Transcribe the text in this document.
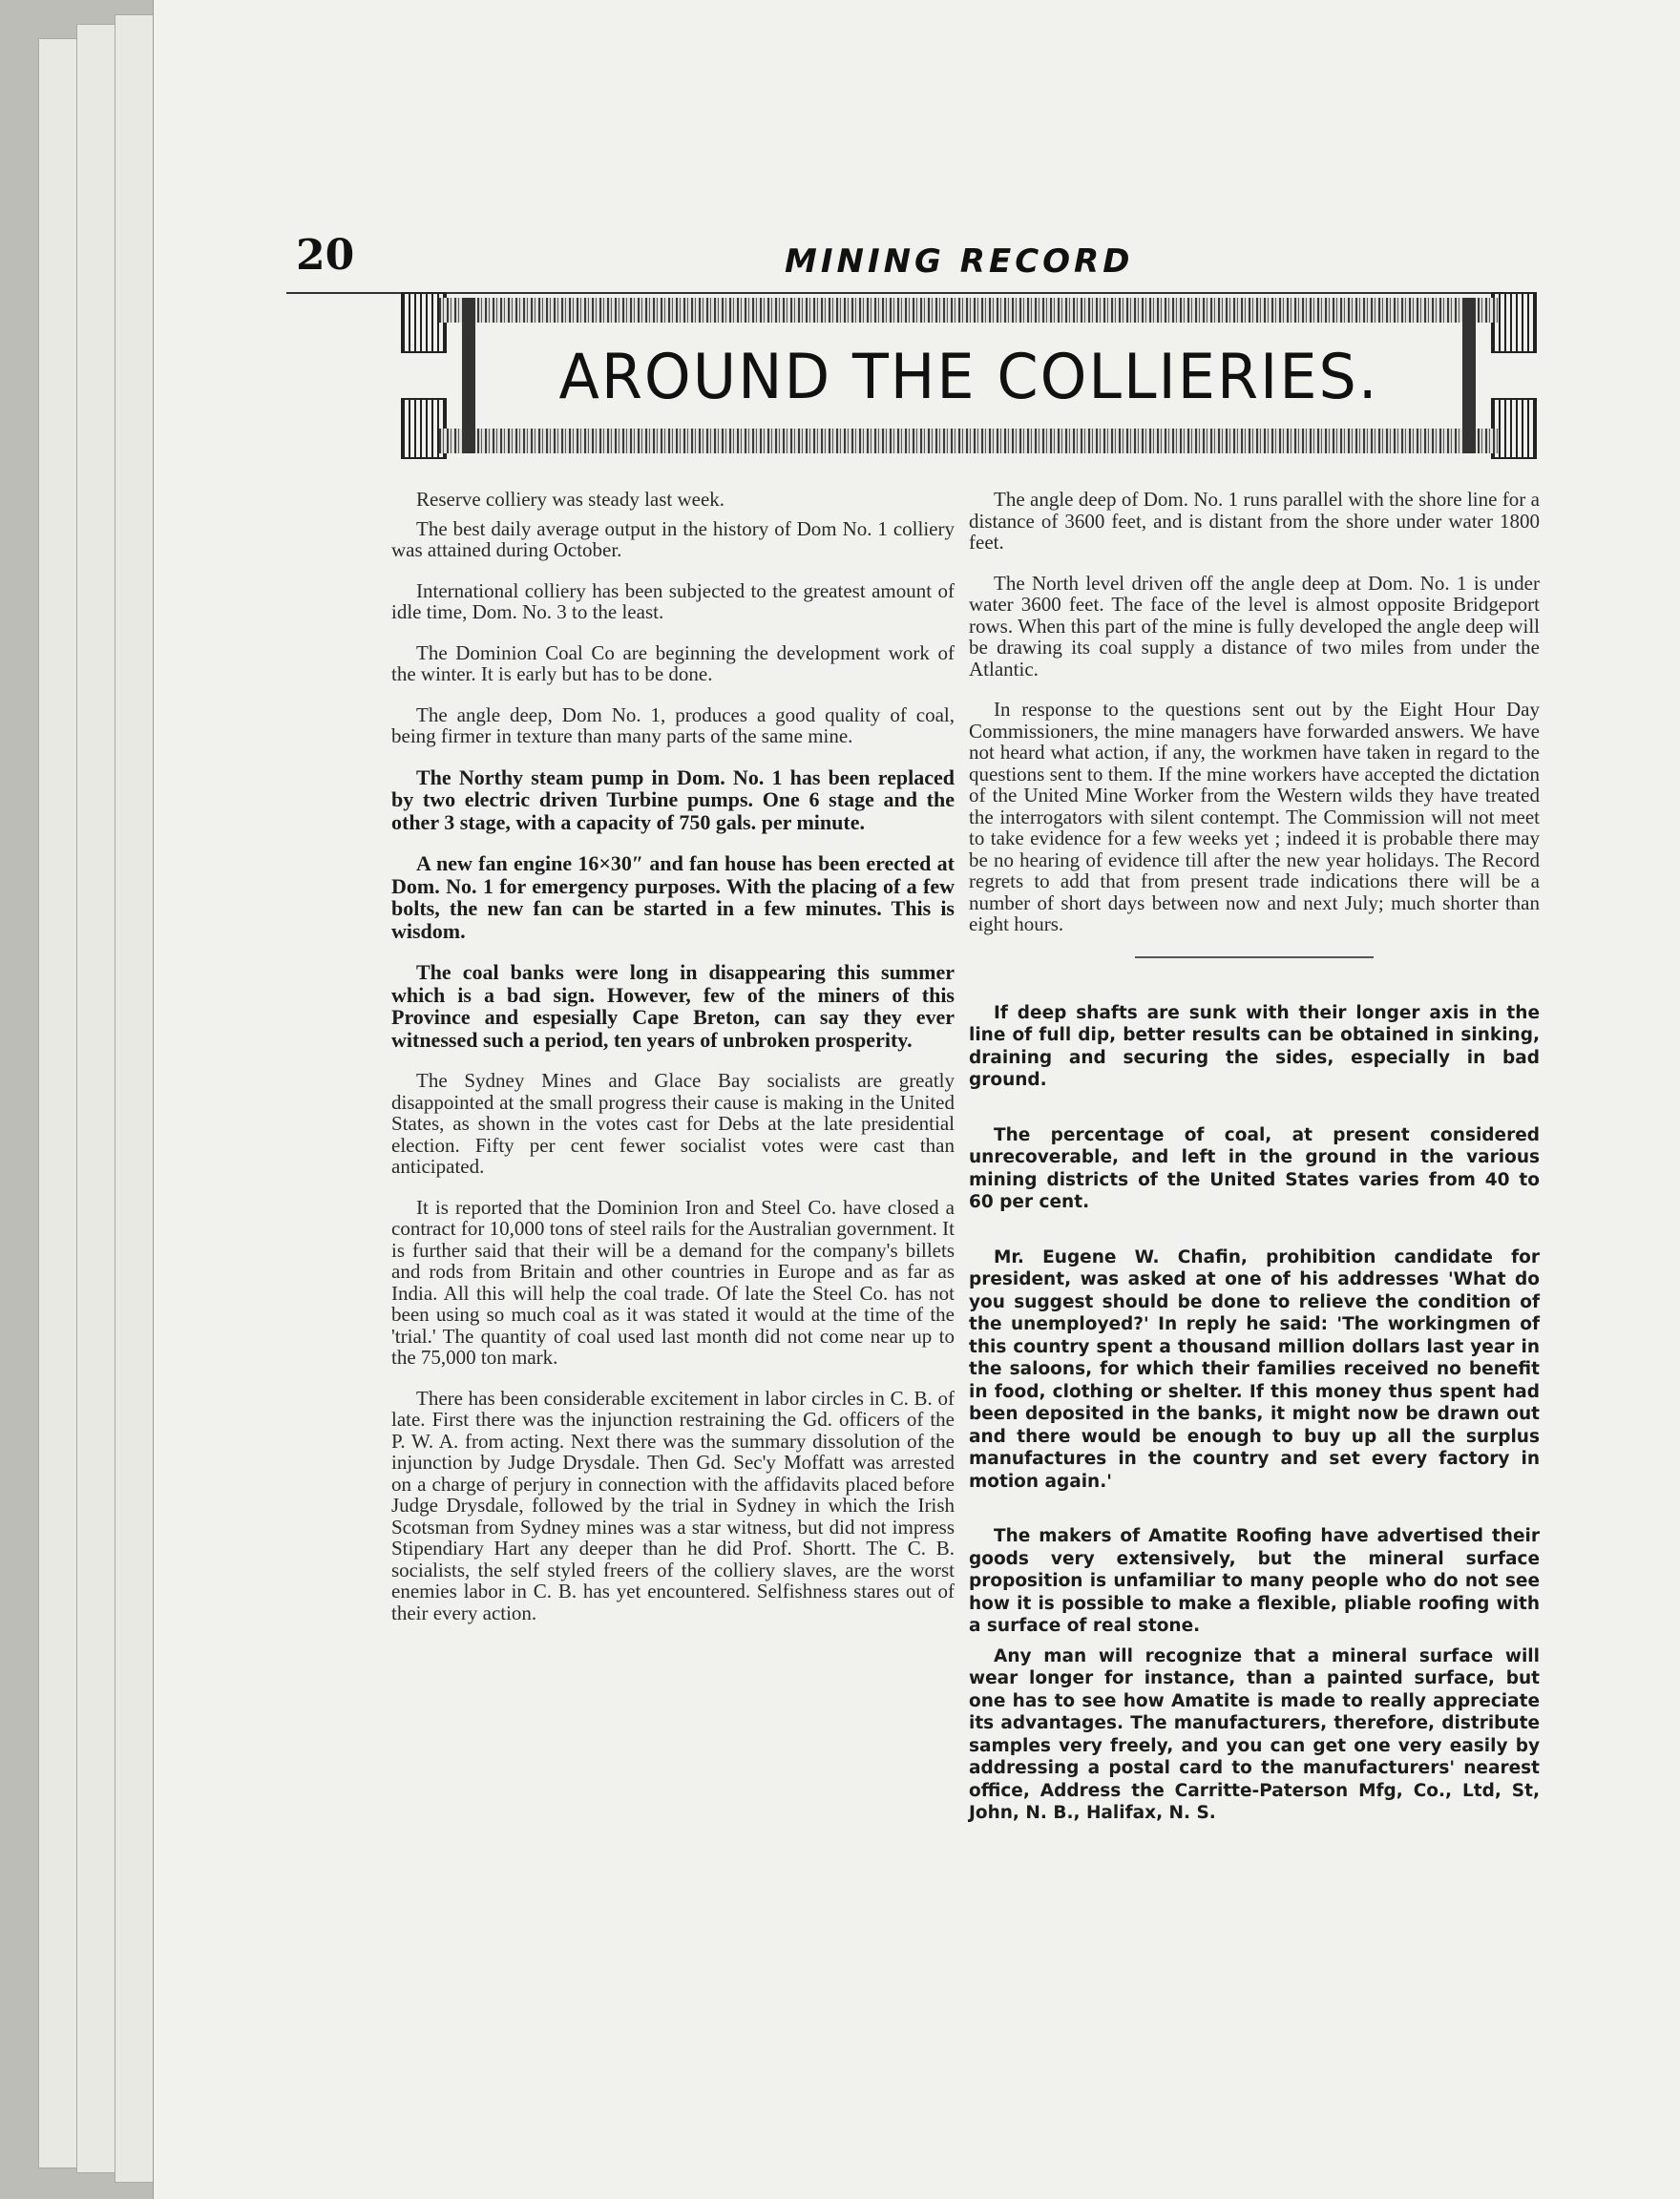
20	MINING RECORD
AROUND THE COLLIERIES.

Reserve colliery was steady last week.

The best daily average output in the history of Dom No. 1 colliery was attained during October.

International colliery has been subjected to the greatest amount of idle time, Dom. No. 3 to the least.

The Dominion Coal Co are beginning the development work of the winter. It is early but has to be done.

The angle deep, Dom No. 1, produces a good quality of coal, being firmer in texture than many parts of the same mine.

The Northy steam pump in Dom. No. 1 has been replaced by two electric driven Turbine pumps. One 6 stage and the other 3 stage, with a capacity of 750 gals. per minute.

A new fan engine 16×30″ and fan house has been erected at Dom. No. 1 for emergency purposes. With the placing of a few bolts, the new fan can be started in a few minutes. This is wisdom.

The coal banks were long in disappearing this summer which is a bad sign. However, few of the miners of this Province and espesially Cape Breton, can say they ever witnessed such a period, ten years of unbroken prosperity.

The Sydney Mines and Glace Bay socialists are greatly disappointed at the small progress their cause is making in the United States, as shown in the votes cast for Debs at the late presidential election. Fifty per cent fewer socialist votes were cast than anticipated.

It is reported that the Dominion Iron and Steel Co. have closed a contract for 10,000 tons of steel rails for the Australian government. It is further said that their will be a demand for the company's billets and rods from Britain and other countries in Europe and as far as India. All this will help the coal trade. Of late the Steel Co. has not been using so much coal as it was stated it would at the time of the 'trial.' The quantity of coal used last month did not come near up to the 75,000 ton mark.

There has been considerable excitement in labor circles in C. B. of late. First there was the injunction restraining the Gd. officers of the P. W. A. from acting. Next there was the summary dissolution of the injunction by Judge Drysdale. Then Gd. Sec'y Moffatt was arrested on a charge of perjury in connection with the affidavits placed before Judge Drysdale, followed by the trial in Sydney in which the Irish Scotsman from Sydney mines was a star witness, but did not impress Stipendiary Hart any deeper than he did Prof. Shortt. The C. B. socialists, the self styled freers of the colliery slaves, are the worst enemies labor in C. B. has yet encountered. Selfishness stares out of their every action.

The angle deep of Dom. No. 1 runs parallel with the shore line for a distance of 3600 feet, and is distant from the shore under water 1800 feet.

The North level driven off the angle deep at Dom. No. 1 is under water 3600 feet. The face of the level is almost opposite Bridgeport rows. When this part of the mine is fully developed the angle deep will be drawing its coal supply a distance of two miles from under the Atlantic.

In response to the questions sent out by the Eight Hour Day Commissioners, the mine managers have forwarded answers. We have not heard what action, if any, the workmen have taken in regard to the questions sent to them. If the mine workers have accepted the dictation of the United Mine Worker from the Western wilds they have treated the interrogators with silent contempt. The Commission will not meet to take evidence for a few weeks yet ; indeed it is probable there may be no hearing of evidence till after the new year holidays. The Record regrets to add that from present trade indications there will be a number of short days between now and next July; much shorter than eight hours.

If deep shafts are sunk with their longer axis in the line of full dip, better results can be obtained in sinking, draining and securing the sides, especially in bad ground.

The percentage of coal, at present considered unrecoverable, and left in the ground in the various mining districts of the United States varies from 40 to 60 per cent.

Mr. Eugene W. Chafin, prohibition candidate for president, was asked at one of his addresses 'What do you suggest should be done to relieve the condition of the unemployed?' In reply he said: 'The workingmen of this country spent a thousand million dollars last year in the saloons, for which their families received no benefit in food, clothing or shelter. If this money thus spent had been deposited in the banks, it might now be drawn out and there would be enough to buy up all the surplus manufactures in the country and set every factory in motion again.'

The makers of Amatite Roofing have advertised their goods very extensively, but the mineral surface proposition is unfamiliar to many people who do not see how it is possible to make a flexible, pliable roofing with a surface of real stone.

Any man will recognize that a mineral surface will wear longer for instance, than a painted surface, but one has to see how Amatite is made to really appreciate its advantages. The manufacturers, therefore, distribute samples very freely, and you can get one very easily by addressing a postal card to the manufacturers' nearest office, Address the Carritte-Paterson Mfg, Co., Ltd, St, John, N. B., Halifax, N. S.
